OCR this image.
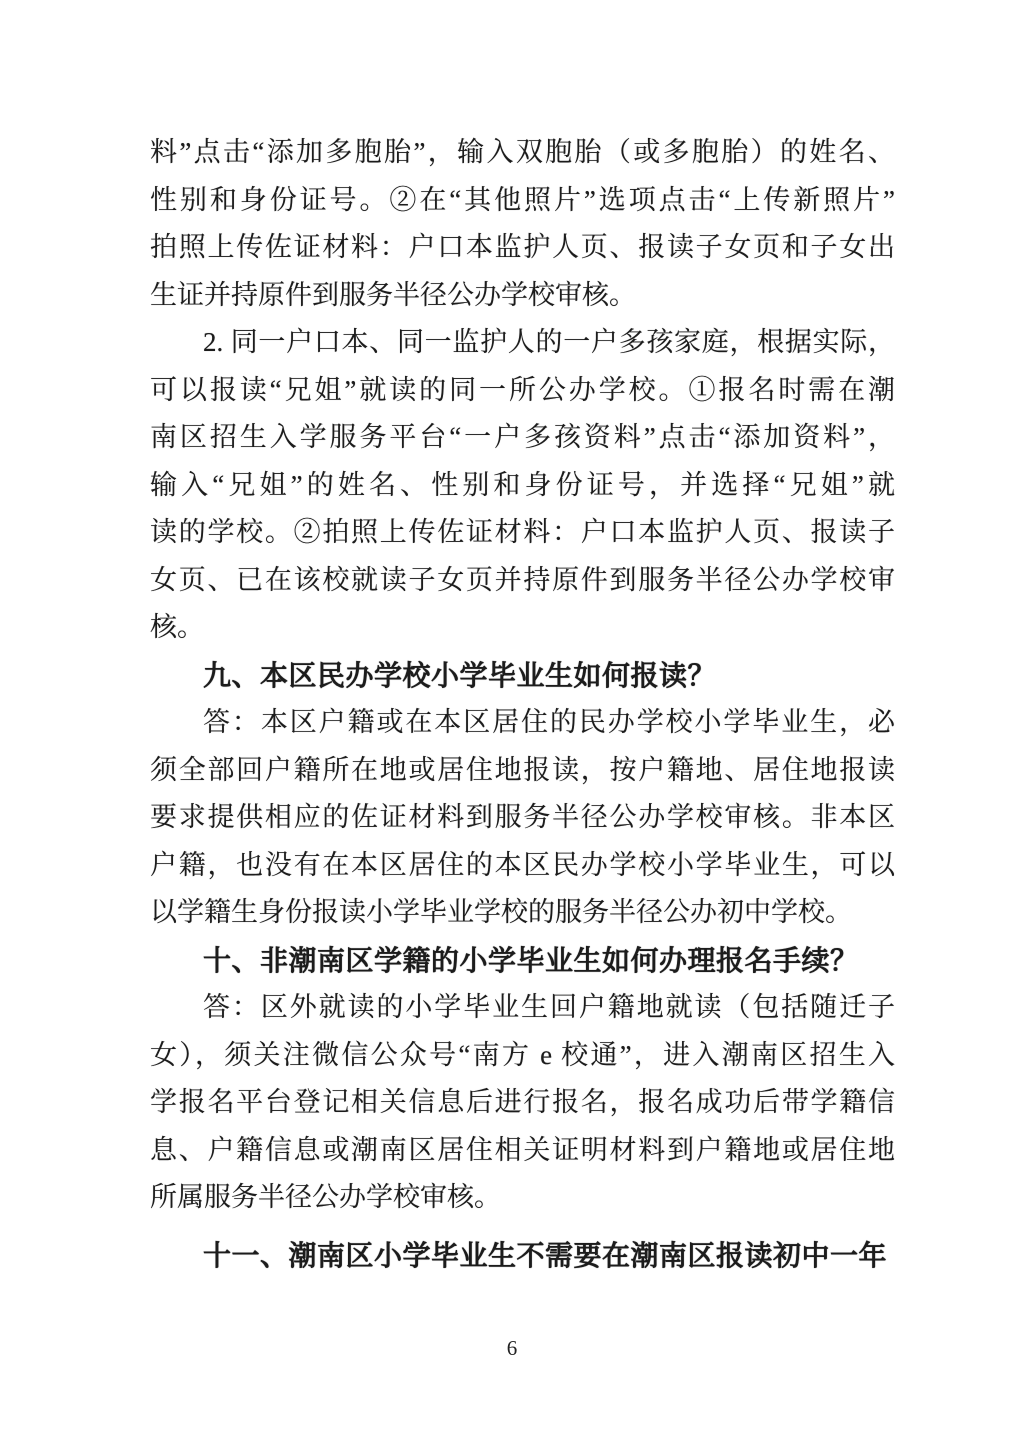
料”点击“添加多胞胎”，输入双胞胎（或多胞胎）的姓名、

性别和身份证号。②在“其他照片”选项点击“上传新照片”

拍照上传佐证材料：户口本监护人页、报读子女页和子女出

生证并持原件到服务半径公办学校审核。

2. 同一户口本、同一监护人的一户多孩家庭，根据实际，

可以报读“兄姐”就读的同一所公办学校。①报名时需在潮

南区招生入学服务平台“一户多孩资料”点击“添加资料”，

输入“兄姐”的姓名、性别和身份证号，并选择“兄姐”就

读的学校。②拍照上传佐证材料：户口本监护人页、报读子

女页、已在该校就读子女页并持原件到服务半径公办学校审

核。

九、本区民办学校小学毕业生如何报读？

答：本区户籍或在本区居住的民办学校小学毕业生，必

须全部回户籍所在地或居住地报读，按户籍地、居住地报读

要求提供相应的佐证材料到服务半径公办学校审核。非本区

户籍，也没有在本区居住的本区民办学校小学毕业生，可以

以学籍生身份报读小学毕业学校的服务半径公办初中学校。

十、非潮南区学籍的小学毕业生如何办理报名手续？

答：区外就读的小学毕业生回户籍地就读（包括随迁子

女），须关注微信公众号“南方 e 校通”，进入潮南区招生入

学报名平台登记相关信息后进行报名，报名成功后带学籍信

息、户籍信息或潮南区居住相关证明材料到户籍地或居住地

所属服务半径公办学校审核。

十一、潮南区小学毕业生不需要在潮南区报读初中一年

6
